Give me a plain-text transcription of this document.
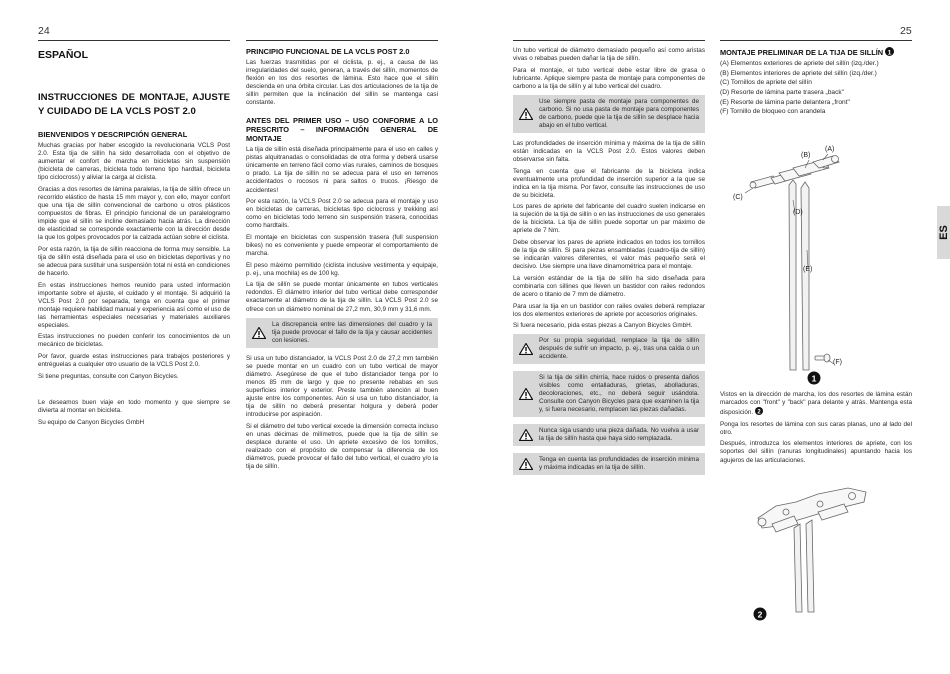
24
ESPAÑOL
INSTRUCCIONES DE MONTAJE, AJUSTE Y CUIDADO DE LA VCLS POST 2.0
BIENVENIDOS Y DESCRIPCIÓN GENERAL

Muchas gracias por haber escogido la revolucionaria VCLS Post 2.0. Esta tija de sillín ha sido desarrollada con el objetivo de aumentar el confort de marcha en bicicletas sin suspensión (bicicleta de carreras, bicicleta todo terreno tipo hardtail, bicicleta tipo ciclocross) y aliviar la carga al ciclista.

Gracias a dos resortes de lámina paralelas, la tija de sillín ofrece un recorrido elástico de hasta 15 mm mayor y, con ello, mayor confort que una tija de sillín convencional de carbono u otros plásticos compuestos de fibras. El principio funcional de un paralelogramo impide que el sillín se incline demasiado hacia atrás. La dirección de elasticidad se corresponde exactamente con la dirección desde la que los golpes provocados por la calzada actúan sobre el ciclista.

Por esta razón, la tija de sillín reacciona de forma muy sensible. La tija de sillín está diseñada para el uso en bicicletas deportivas y no se adecua para sustituir una suspensión total ni está en condiciones de hacerlo.

En estas instrucciones hemos reunido para usted información importante sobre el ajuste, el cuidado y el montaje. Si adquirió la VCLS Post 2.0 por separada, tenga en cuenta que el primer montaje requiere habilidad manual y experiencia así como el uso de las herramientas especiales necesarias y materiales auxiliares especiales.

Estas instrucciones no pueden conferir los conocimientos de un mecánico de bicicletas.

Por favor, guarde estas instrucciones para trabajos posteriores y entréguelas a cualquier otro usuario de la VCLS Post 2.0.

Si tiene preguntas, consulte con Canyon Bicycles.

Le deseamos buen viaje en todo momento y que siempre se divierta al montar en bicicleta.

Su equipo de Canyon Bicycles GmbH

PRINCIPIO FUNCIONAL DE LA VCLS POST 2.0

Las fuerzas trasmitidas por el ciclista, p. ej., a causa de las irregularidades del suelo, generan, a través del sillín, momentos de flexión en los dos resortes de lámina. Esto hace que el sillín descienda en una órbita circular. Las dos articulaciones de la tija de sillín permiten que la inclinación del sillín se mantenga casi constante.

ANTES DEL PRIMER USO – USO CONFORME A LO PRESCRITO – INFORMACIÓN GENERAL DE MONTAJE

La tija de sillín está diseñada principalmente para el uso en calles y pistas alquitranadas o consolidadas de otra forma y deberá usarse únicamente en terreno fácil como vías rurales, caminos de bosques o prado. La tija de sillín no se adecua para el uso en terrenos accidentados o rocosos ni para saltos o trucos. ¡Riesgo de accidentes!

Por esta razón, la VCLS Post 2.0 se adecua para el montaje y uso en bicicletas de carreras, bicicletas tipo ciclocross y trekking así como en bicicletas todo terreno sin suspensión trasera, conocidas como hardtails.

El montaje en bicicletas con suspensión trasera (full suspension bikes) no es conveniente y puede empeorar el comportamiento de marcha.

El peso máximo permitido (ciclista inclusive vestimenta y equipaje, p. ej., una mochila) es de 100 kg.

La tija de sillín se puede montar únicamente en tubos verticales redondos. El diámetro interior del tubo vertical debe corresponder exactamente al diámetro de la tija de sillín. La VCLS Post 2.0 se ofrece con un diámetro nominal de 27,2 mm, 30,9 mm y 31,6 mm.

La discrepancia entre las dimensiones del cuadro y la tija puede provocar el fallo de la tija y causar accidentes con lesiones.

Si usa un tubo distanciador, la VCLS Post 2.0 de 27,2 mm también se puede montar en un cuadro con un tubo vertical de mayor diámetro. Asegúrese de que el tubo distanciador tenga por lo menos 85 mm de largo y que no presente rebabas en sus superficies interior y exterior. Preste también atención al buen ajuste entre los componentes. Aún si usa un tubo distanciador, la tija de sillín no deberá presentar holgura y deberá poder introducirse por aspiración.

Si el diámetro del tubo vertical excede la dimensión correcta incluso en unas décimas de milímetros, puede que la tija de sillín se desplace durante el uso. Un apriete excesivo de los tornillos, realizado con el propósito de compensar la diferencia de los diámetros, puede provocar el fallo del tubo vertical, el cuadro y/o la tija de sillín.

25

Un tubo vertical de diámetro demasiado pequeño así como aristas vivas o rebabas pueden dañar la tija de sillín.

Para el montaje, el tubo vertical debe estar libre de grasa o lubricante. Aplique siempre pasta de montaje para componentes de carbono a la tija de sillín y al tubo vertical del cuadro.

Use siempre pasta de montaje para componentes de carbono. Si no usa pasta de montaje para componentes de carbono, puede que la tija de sillín se desplace hacia abajo en el tubo vertical.

Las profundidades de inserción mínima y máxima de la tija de sillín están indicadas en la VCLS Post 2.0. Estos valores deben observarse sin falta.

Tenga en cuenta que el fabricante de la bicicleta indica eventualmente una profundidad de inserción superior a la que se indica en la tija misma. Por favor, consulte las instrucciones de uso de su bicicleta.

Los pares de apriete del fabricante del cuadro suelen indicarse en la sujeción de la tija de sillín o en las instrucciones de uso generales de la bicicleta. La tija de sillín puede soportar un par máximo de apriete de 7 Nm.

Debe observar los pares de apriete indicados en todos los tornillos de la tija de sillín. Si para piezas ensambladas (cuadro-tija de sillín) se indicarán valores diferentes, el valor más pequeño será el decisivo. Use siempre una llave dinamométrica para el montaje.

La versión estándar de la tija de sillín ha sido diseñada para combinarla con sillines que lleven un bastidor con railes redondos de acero o titanio de 7 mm de diámetro.

Para usar la tija en un bastidor con railes ovales deberá remplazar los dos elementos exteriores de apriete por accesorios originales.

Si fuera necesario, pida estas piezas a Canyon Bicycles GmbH.

Por su propia seguridad, remplace la tija de sillín después de sufrir un impacto, p. ej., tras una caída o un accidente.
Si la tija de sillín chirría, hace ruidos o presenta daños visibles como entalladuras, grietas, abolladuras, decoloraciones, etc., no deberá seguir usándola. Consulte con Canyon Bicycles para que examinen la tija y, si fuera necesario, remplacen las piezas dañadas.
Nunca siga usando una pieza dañada. No vuelva a usar la tija de sillín hasta que haya sido remplazada.
Tenga en cuenta las profundidades de inserción mínima y máxima indicadas en la tija de sillín.
MONTAJE PRELIMINAR DE LA TIJA DE SILLÍN 1
(A) Elementos exteriores de apriete del sillín (izq./der.)
(B) Elementos interiores de apriete del sillín (izq./der.)
(C) Tornillos de apriete del sillín
(D) Resorte de lámina parte trasera „back"
(E) Resorte de lámina parte delantera „front"
(F) Tornillo de bloqueo con arandela
(A)
(B)
(C)
(D)
(E)
(F)
1

Vistos en la dirección de marcha, los dos resortes de lámina están marcados con "front" y "back" para delante y atrás. Mantenga esta disposición. 2

Ponga los resortes de lámina con sus caras planas, uno al lado del otro.

Después, introduzca los elementos interiores de apriete, con los soportes del sillín (ranuras longitudinales) apuntando hacia los agujeros de las articulaciones.

2
ES
